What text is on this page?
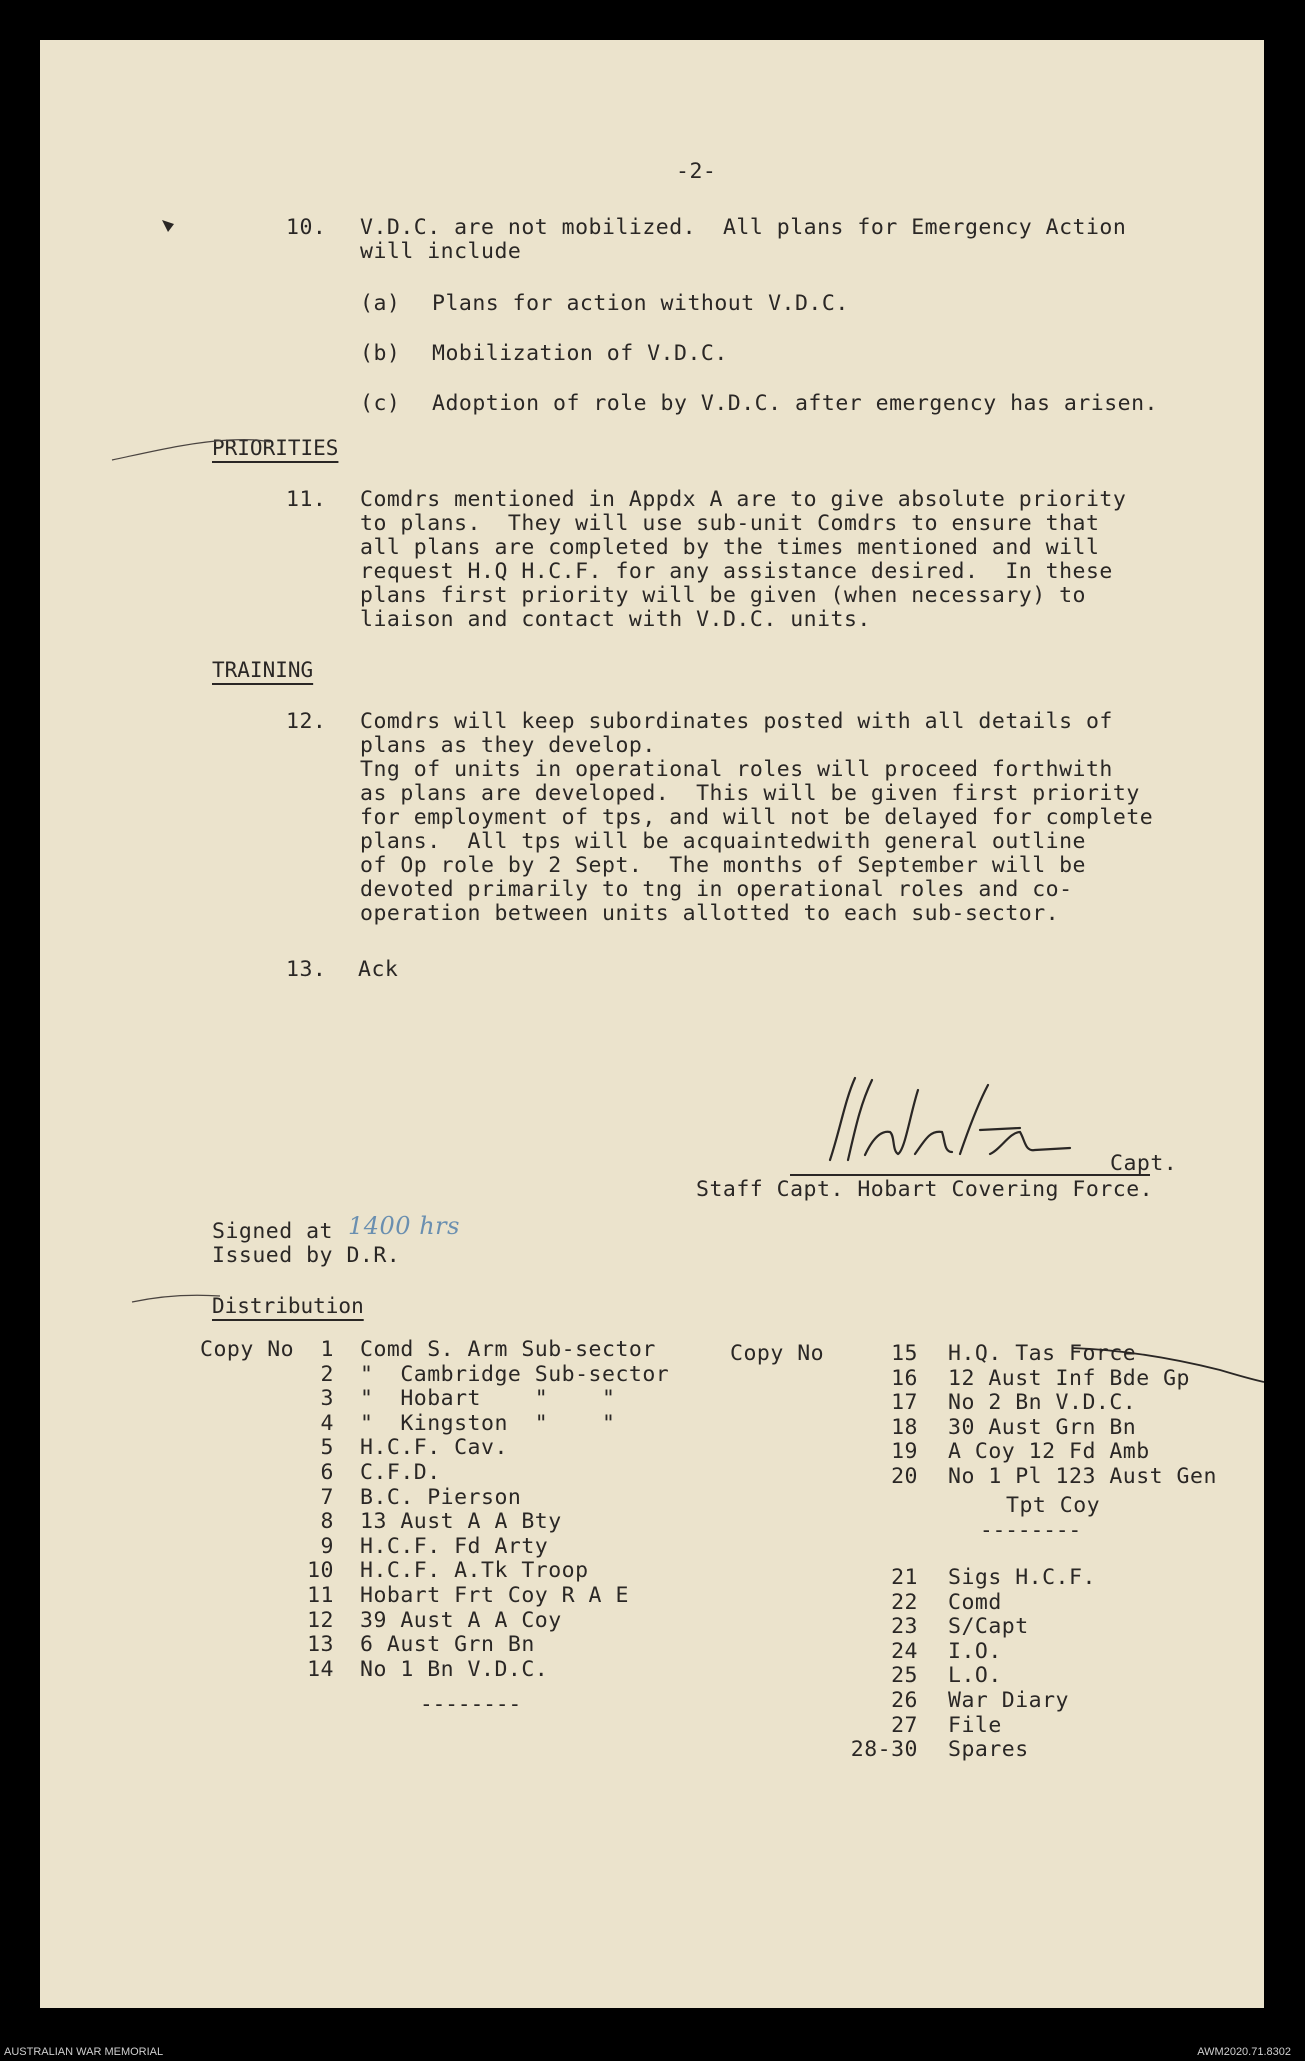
-2-
10. V.D.C. are not mobilized.  All plans for Emergency Action
will include
(a) Plans for action without V.D.C.
(b) Mobilization of V.D.C.
(c) Adoption of role by V.D.C. after emergency has arisen.
PRIORITIES
11. Comdrs mentioned in Appdx A are to give absolute priority
to plans.  They will use sub-unit Comdrs to ensure that
all plans are completed by the times mentioned and will
request H.Q H.C.F. for any assistance desired.  In these
plans first priority will be given (when necessary) to
liaison and contact with V.D.C. units.
TRAINING
12. Comdrs will keep subordinates posted with all details of
plans as they develop.
Tng of units in operational roles will proceed forthwith
as plans are developed.  This will be given first priority
for employment of tps, and will not be delayed for complete
plans.  All tps will be acquaintedwith general outline
of Op role by 2 Sept.  The months of September will be
devoted primarily to tng in operational roles and co-
operation between units allotted to each sub-sector.
13. Ack
Capt.
Staff Capt. Hobart Covering Force.
Signed at 1400 hrs
Issued by D.R.
Distribution
Copy No 1 Comd S. Arm Sub-sector
2 "  Cambridge Sub-sector
3 "  Hobart    "    "
4 "  Kingston  "    "
5 H.C.F. Cav.
6 C.F.D.
7 B.C. Pierson
8 13 Aust A A Bty
9 H.C.F. Fd Arty
10 H.C.F. A.Tk Troop
11 Hobart Frt Coy R A E
12 39 Aust A A Coy
13 6 Aust Grn Bn
14 No 1 Bn V.D.C.
Copy No	15 H.Q. Tas Force
16 12 Aust Inf Bde Gp
17 No 2 Bn V.D.C.
18 30 Aust Grn Bn
19 A Coy 12 Fd Amb
20 No 1 Pl 123 Aust Gen
Tpt Coy
--------
21 Sigs H.C.F.
22 Comd
23 S/Capt
24 I.O.
25 L.O.
26 War Diary
27 File
28-30 Spares
--------
AUSTRALIAN WAR MEMORIAL	AWM2020.71.8302
